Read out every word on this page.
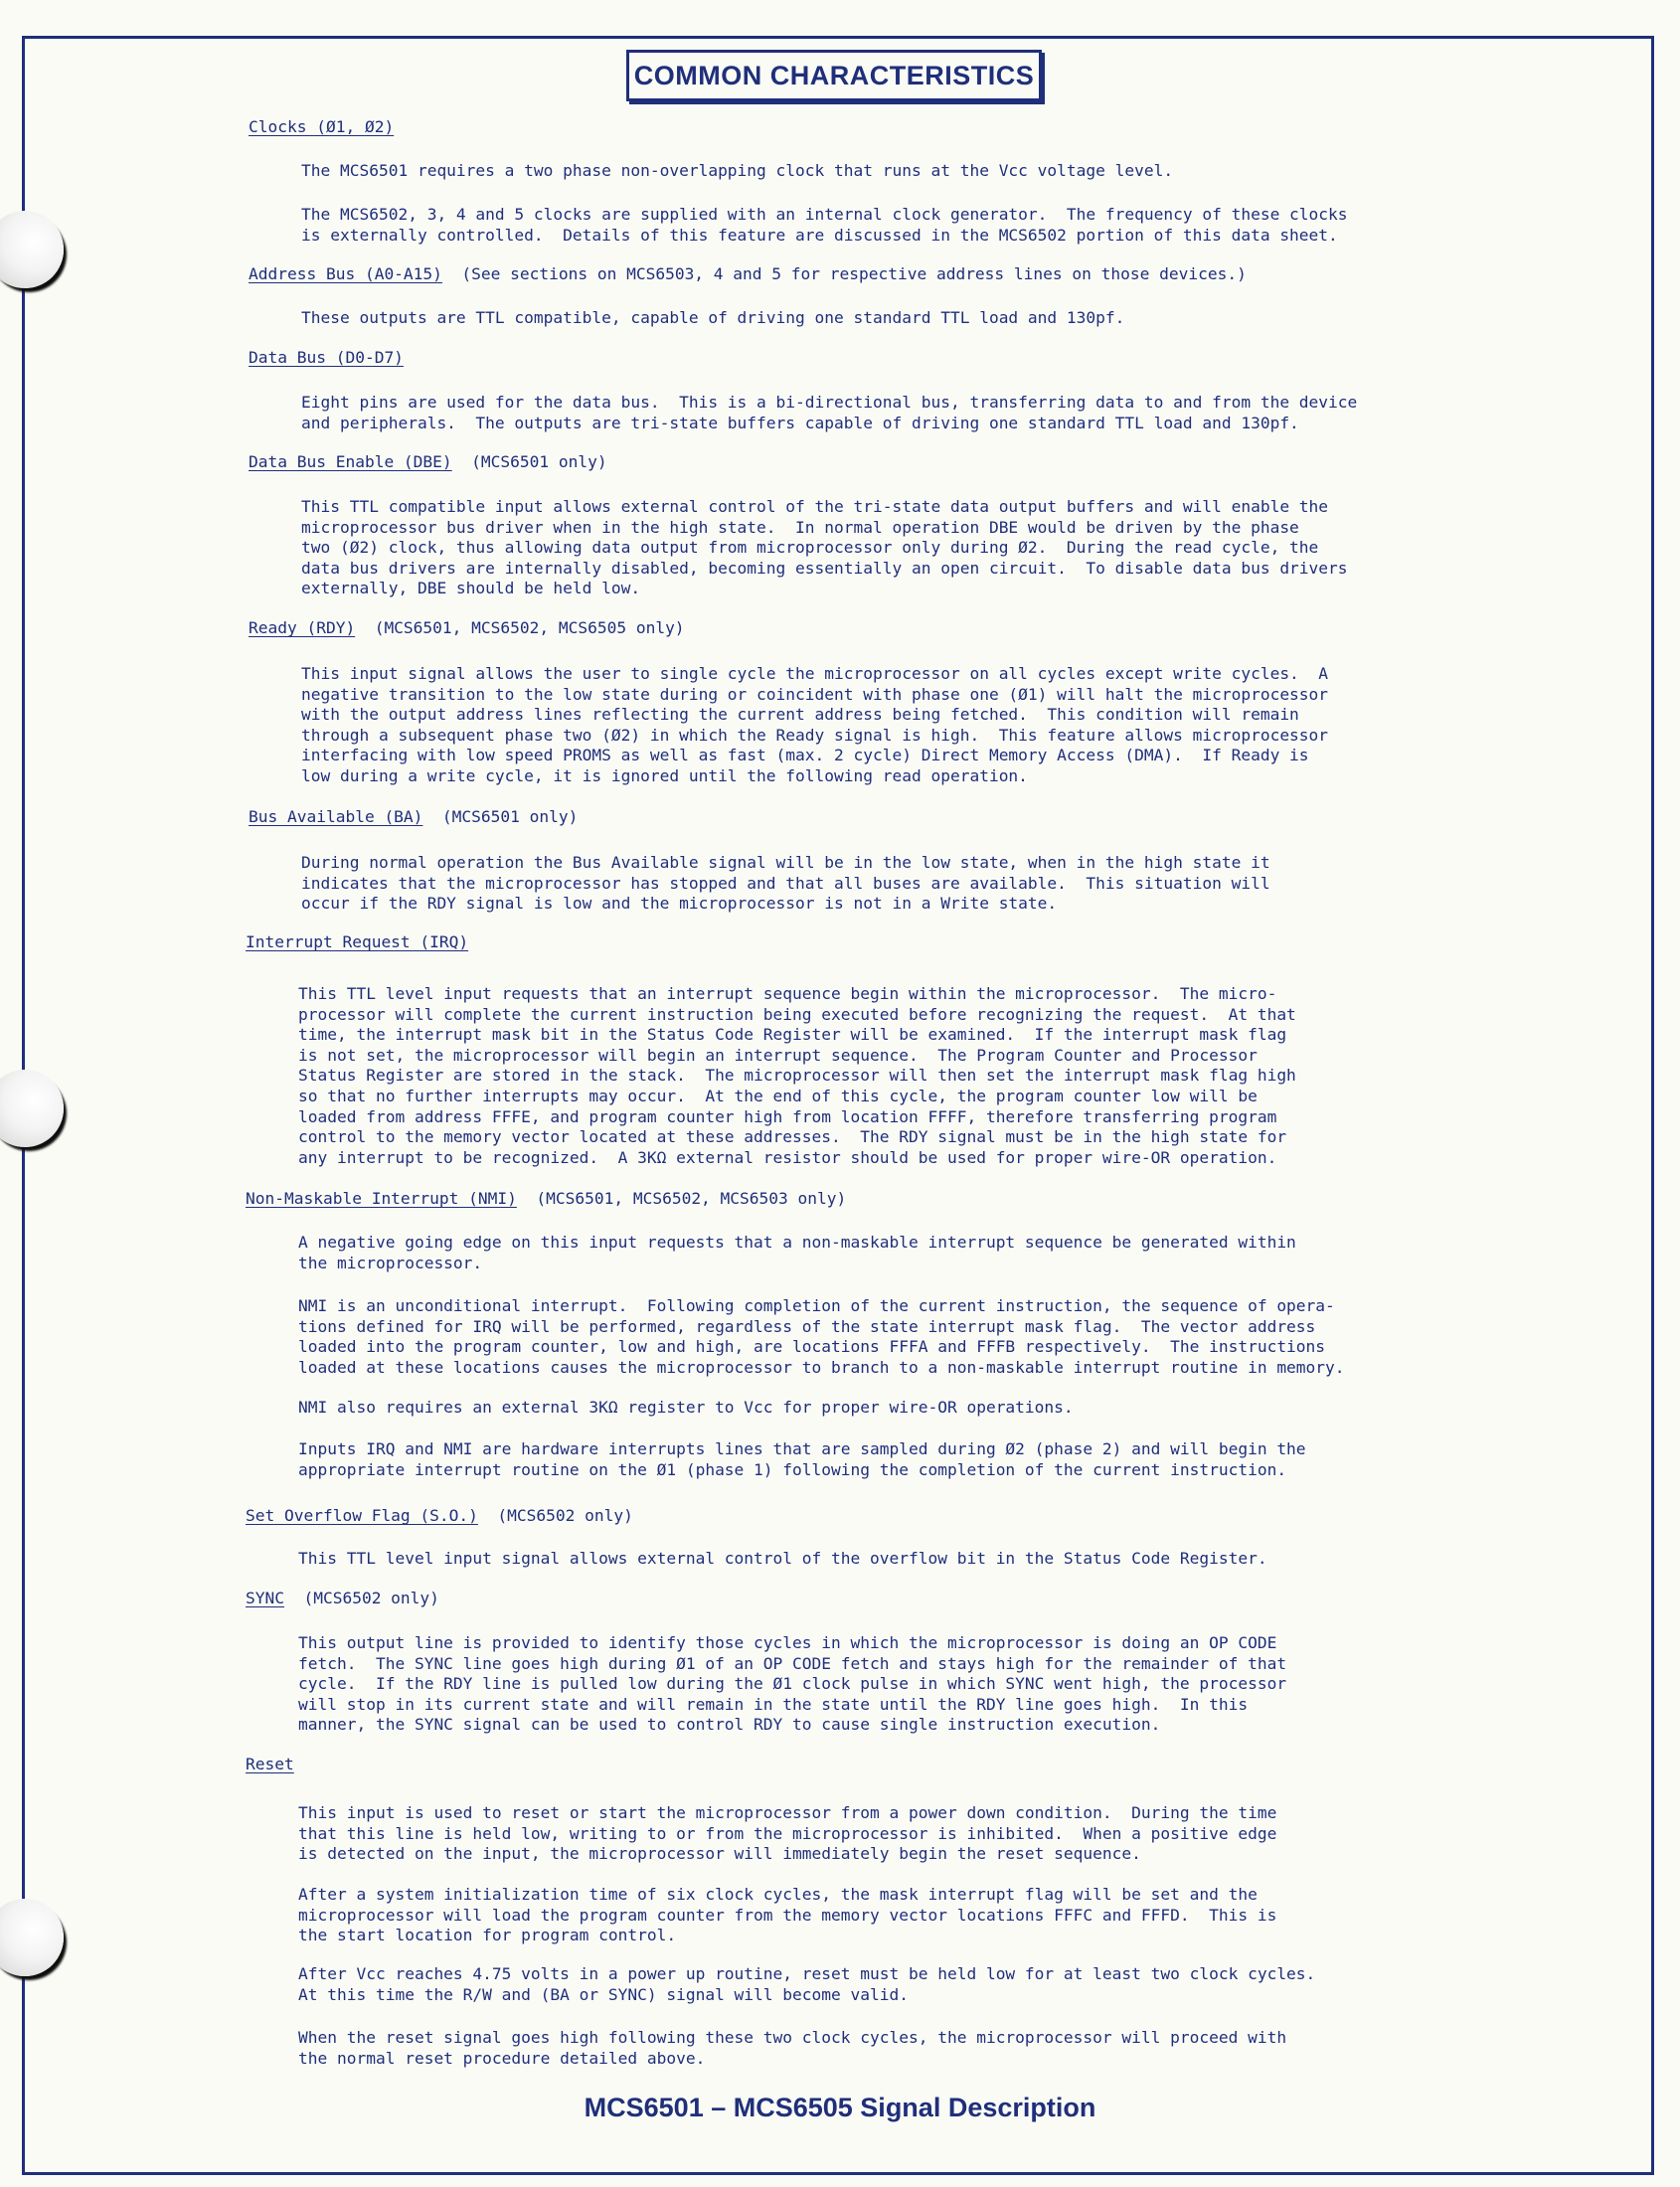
COMMON CHARACTERISTICS
Clocks (Ø1, Ø2)
The MCS6501 requires a two phase non-overlapping clock that runs at the Vcc voltage level.
The MCS6502, 3, 4 and 5 clocks are supplied with an internal clock generator.  The frequency of these clocks
is externally controlled.  Details of this feature are discussed in the MCS6502 portion of this data sheet.
Address Bus (A0-A15)  (See sections on MCS6503, 4 and 5 for respective address lines on those devices.)
These outputs are TTL compatible, capable of driving one standard TTL load and 130pf.
Data Bus (D0-D7)
Eight pins are used for the data bus.  This is a bi-directional bus, transferring data to and from the device
and peripherals.  The outputs are tri-state buffers capable of driving one standard TTL load and 130pf.
Data Bus Enable (DBE)  (MCS6501 only)
This TTL compatible input allows external control of the tri-state data output buffers and will enable the
microprocessor bus driver when in the high state.  In normal operation DBE would be driven by the phase
two (Ø2) clock, thus allowing data output from microprocessor only during Ø2.  During the read cycle, the
data bus drivers are internally disabled, becoming essentially an open circuit.  To disable data bus drivers
externally, DBE should be held low.
Ready (RDY)  (MCS6501, MCS6502, MCS6505 only)
This input signal allows the user to single cycle the microprocessor on all cycles except write cycles.  A
negative transition to the low state during or coincident with phase one (Ø1) will halt the microprocessor
with the output address lines reflecting the current address being fetched.  This condition will remain
through a subsequent phase two (Ø2) in which the Ready signal is high.  This feature allows microprocessor
interfacing with low speed PROMS as well as fast (max. 2 cycle) Direct Memory Access (DMA).  If Ready is
low during a write cycle, it is ignored until the following read operation.
Bus Available (BA)  (MCS6501 only)
During normal operation the Bus Available signal will be in the low state, when in the high state it
indicates that the microprocessor has stopped and that all buses are available.  This situation will
occur if the RDY signal is low and the microprocessor is not in a Write state.
Interrupt Request (IRQ)
This TTL level input requests that an interrupt sequence begin within the microprocessor.  The micro-
processor will complete the current instruction being executed before recognizing the request.  At that
time, the interrupt mask bit in the Status Code Register will be examined.  If the interrupt mask flag
is not set, the microprocessor will begin an interrupt sequence.  The Program Counter and Processor
Status Register are stored in the stack.  The microprocessor will then set the interrupt mask flag high
so that no further interrupts may occur.  At the end of this cycle, the program counter low will be
loaded from address FFFE, and program counter high from location FFFF, therefore transferring program
control to the memory vector located at these addresses.  The RDY signal must be in the high state for
any interrupt to be recognized.  A 3KΩ external resistor should be used for proper wire-OR operation.
Non-Maskable Interrupt (NMI)  (MCS6501, MCS6502, MCS6503 only)
A negative going edge on this input requests that a non-maskable interrupt sequence be generated within
the microprocessor.
NMI is an unconditional interrupt.  Following completion of the current instruction, the sequence of opera-
tions defined for IRQ will be performed, regardless of the state interrupt mask flag.  The vector address
loaded into the program counter, low and high, are locations FFFA and FFFB respectively.  The instructions
loaded at these locations causes the microprocessor to branch to a non-maskable interrupt routine in memory.
NMI also requires an external 3KΩ register to Vcc for proper wire-OR operations.
Inputs IRQ and NMI are hardware interrupts lines that are sampled during Ø2 (phase 2) and will begin the
appropriate interrupt routine on the Ø1 (phase 1) following the completion of the current instruction.
Set Overflow Flag (S.O.)  (MCS6502 only)
This TTL level input signal allows external control of the overflow bit in the Status Code Register.
SYNC  (MCS6502 only)
This output line is provided to identify those cycles in which the microprocessor is doing an OP CODE
fetch.  The SYNC line goes high during Ø1 of an OP CODE fetch and stays high for the remainder of that
cycle.  If the RDY line is pulled low during the Ø1 clock pulse in which SYNC went high, the processor
will stop in its current state and will remain in the state until the RDY line goes high.  In this
manner, the SYNC signal can be used to control RDY to cause single instruction execution.
Reset
This input is used to reset or start the microprocessor from a power down condition.  During the time
that this line is held low, writing to or from the microprocessor is inhibited.  When a positive edge
is detected on the input, the microprocessor will immediately begin the reset sequence.
After a system initialization time of six clock cycles, the mask interrupt flag will be set and the
microprocessor will load the program counter from the memory vector locations FFFC and FFFD.  This is
the start location for program control.
After Vcc reaches 4.75 volts in a power up routine, reset must be held low for at least two clock cycles.
At this time the R/W and (BA or SYNC) signal will become valid.
When the reset signal goes high following these two clock cycles, the microprocessor will proceed with
the normal reset procedure detailed above.
MCS6501 – MCS6505 Signal Description
